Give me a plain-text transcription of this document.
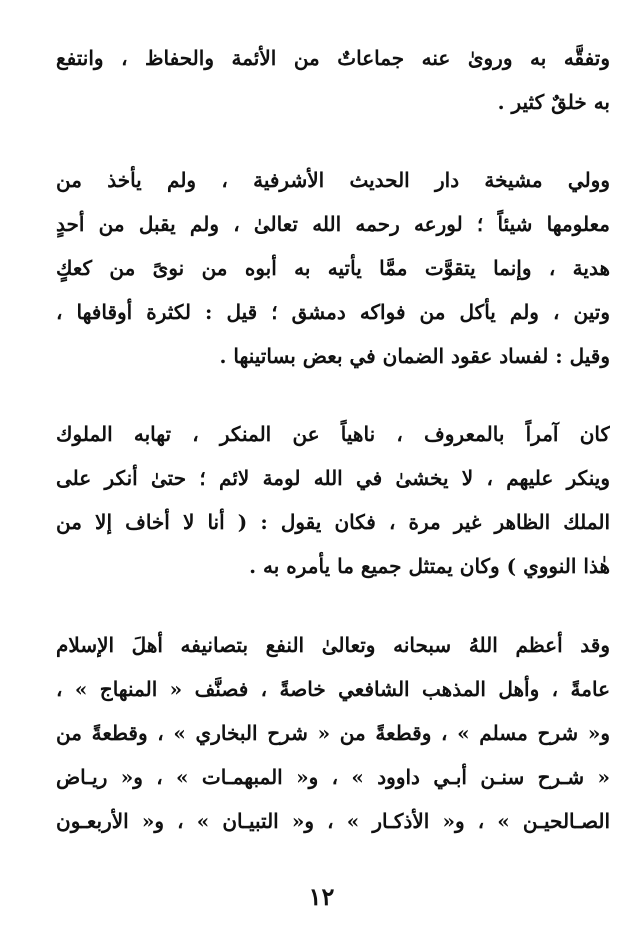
وتفقَّه به وروىٰ عنه جماعاتٌ من الأئمة والحفاظ ، وانتفع
به خلقٌ كثير .
وولي مشيخة دار الحديث الأشرفية ، ولم يأخذ من
معلومها شيئاً ؛ لورعه رحمه الله تعالىٰ ، ولم يقبل من أحدٍ
هدية ، وإنما يتقوَّت ممَّا يأتيه به أبوه من نوىً من كعكٍ
وتين ، ولم يأكل من فواكه دمشق ؛ قيل : لكثرة أوقافها ،
وقيل : لفساد عقود الضمان في بعض بساتينها .
كان آمراً بالمعروف ، ناهياً عن المنكر ، تهابه الملوك
وينكر عليهم ، لا يخشىٰ في الله لومة لائم ؛ حتىٰ أنكر على
الملك الظاهر غير مرة ، فكان يقول : ( أنا لا أخاف إلا من
هٰذا النووي ) وكان يمتثل جميع ما يأمره به .
وقد أعظم اللهُ سبحانه وتعالىٰ النفع بتصانيفه أهلَ الإسلام
عامةً ، وأهل المذهب الشافعي خاصةً ، فصنَّف « المنهاج » ،
و« شرح مسلم » ، وقطعةً من « شرح البخاري » ، وقطعةً من
« شـرح سنـن أبـي داوود » ، و« المبهمـات » ، و« ريـاض
الصـالحيـن » ، و« الأذكـار » ، و« التبيـان » ، و« الأربعـون
١٢
